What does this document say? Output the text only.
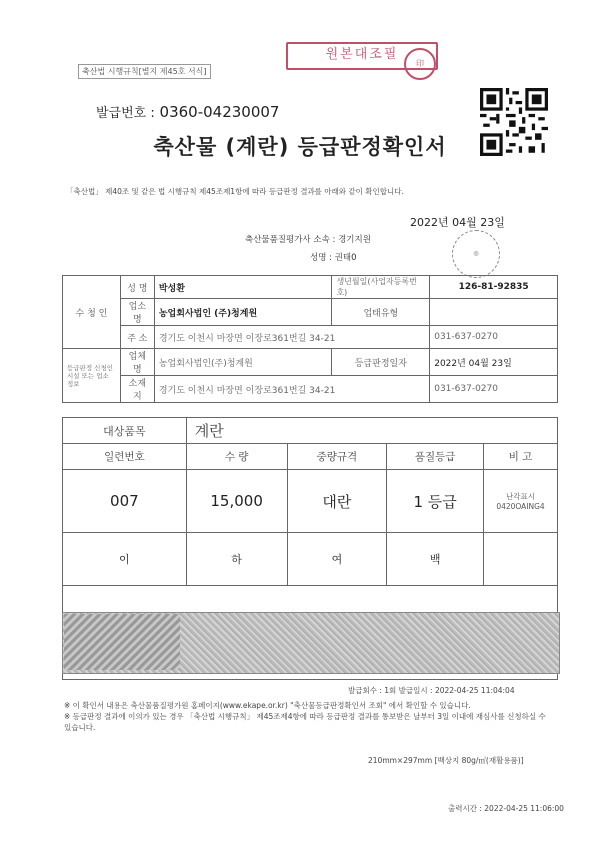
축산법 시행규칙[별지 제45호 서식]
원본대조필
印
발급번호 : 0360-04230007
축산물 (계란) 등급판정확인서
「축산법」 제40조 및 같은 법 시행규칙 제45조제1항에 따라 등급판정 결과를 아래와 같이 확인합니다.
2022년 04월 23일
축산물품질평가사 소속 : 경기지원
성명 : 권태0	◎
수 청 인	성 명	박성환	생년월일(사업자등록번호)	126-81-92835
	업소명	농업회사법인 (주)청계원	업태유형	
	주 소	경기도 이천시 마장면 이장로361번길 34-21		031-637-0270
등급판정 신청인 시설 또는 업소 정보	업체명	농업회사법인(주)청계원	등급판정일자	2022년 04월 23일
	소재지	경기도 이천시 마장면 이장로361번길 34-21		031-637-0270
대상품목	계란			
일련번호	수 량	중량규격	품질등급	비 고
007	15,000	대란	1 등급	난각표시
0420OAING4

이	하	여	백	

발급회수 : 1회 발급일시 : 2022-04-25 11:04:04
※ 이 확인서 내용은 축산물품질평가원 홈페이지(www.ekape.or.kr) "축산물등급판정확인서 조회" 에서 확인할 수 있습니다.
※ 등급판정 결과에 이의가 있는 경우 「축산법 시행규칙」 제45조제4항에 따라 등급판정 결과를 통보받은 날부터 3일 이내에 재심사를 신청하실 수 있습니다.
210mm×297mm [백상지 80g/㎡(재활용품)]
출력시간 : 2022-04-25 11:06:00
